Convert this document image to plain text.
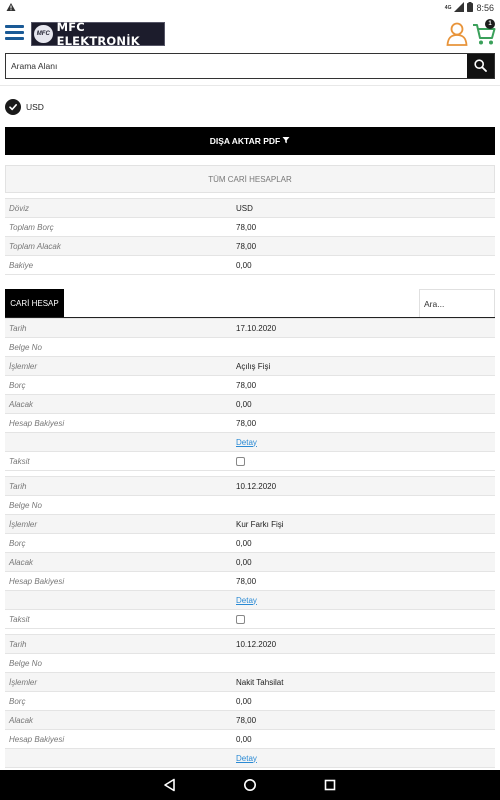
4G	8:56
MFC MFC ELEKTRONİK
1
Arama Alanı
USD
DIŞA AKTAR PDF
TÜM CARİ HESAPLAR
Döviz	USD
Toplam Borç	78,00
Toplam Alacak	78,00
Bakiye	0,00
CARİ HESAP
Ara...
Tarih	17.10.2020
Belge No	
İşlemler	Açılış Fişi
Borç	78,00
Alacak	0,00
Hesap Bakiyesi	78,00
	Detay
Taksit	
Tarih	10.12.2020
Belge No	
İşlemler	Kur Farkı Fişi
Borç	0,00
Alacak	0,00
Hesap Bakiyesi	78,00
	Detay
Taksit	
Tarih	10.12.2020
Belge No	
İşlemler	Nakit Tahsilat
Borç	0,00
Alacak	78,00
Hesap Bakiyesi	0,00
	Detay
